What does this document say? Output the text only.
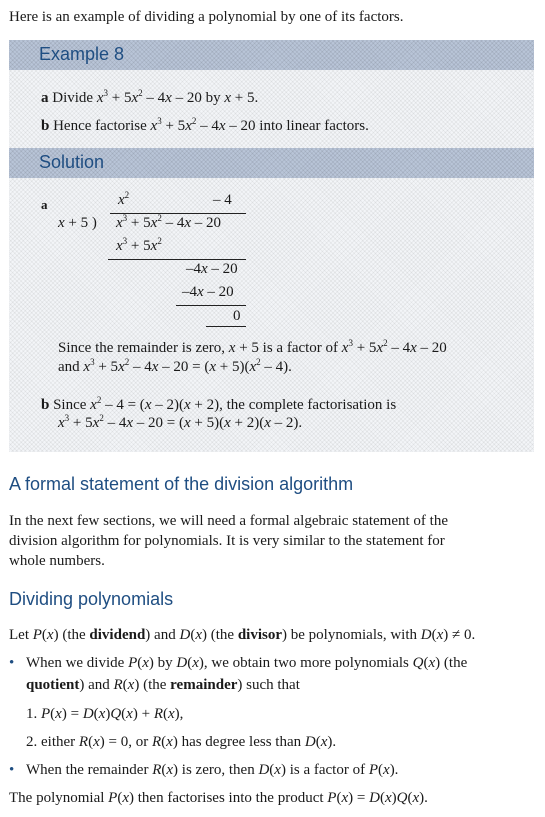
Here is an example of dividing a polynomial by one of its factors.
Example 8
a Divide $x^3 + 5x^2 - 4x - 20$ by x + 5.
b Hence factorise $x^3 + 5x^2 - 4x - 20$ into linear factors.
Solution
a	$x^2$	– 4
x + 5 ) $x^3 + 5x^2 - 4x - 20$
$x^3 + 5x^2$
–4x – 20
–4x – 20
0
Since the remainder is zero, x + 5 is a factor of $x^3 + 5x^2 - 4x - 20$
and $x^3 + 5x^2 - 4x - 20 = (x + 5)(x^2 - 4)$.
b Since $x^2 - 4 = (x - 2)(x + 2)$, the complete factorisation is
$x^3 + 5x^2 - 4x - 20 = (x + 5)(x + 2)(x - 2)$.
A formal statement of the division algorithm
In the next few sections, we will need a formal algebraic statement of the
division algorithm for polynomials. It is very similar to the statement for
whole numbers.
Dividing polynomials
Let P(x) (the dividend) and D(x) (the divisor) be polynomials, with D(x) ≠ 0.
• When we divide P(x) by D(x), we obtain two more polynomials Q(x) (the
quotient) and R(x) (the remainder) such that
1. P(x) = D(x)Q(x) + R(x),
2. either R(x) = 0, or R(x) has degree less than D(x).
• When the remainder R(x) is zero, then D(x) is a factor of P(x).
The polynomial P(x) then factorises into the product P(x) = D(x)Q(x).
